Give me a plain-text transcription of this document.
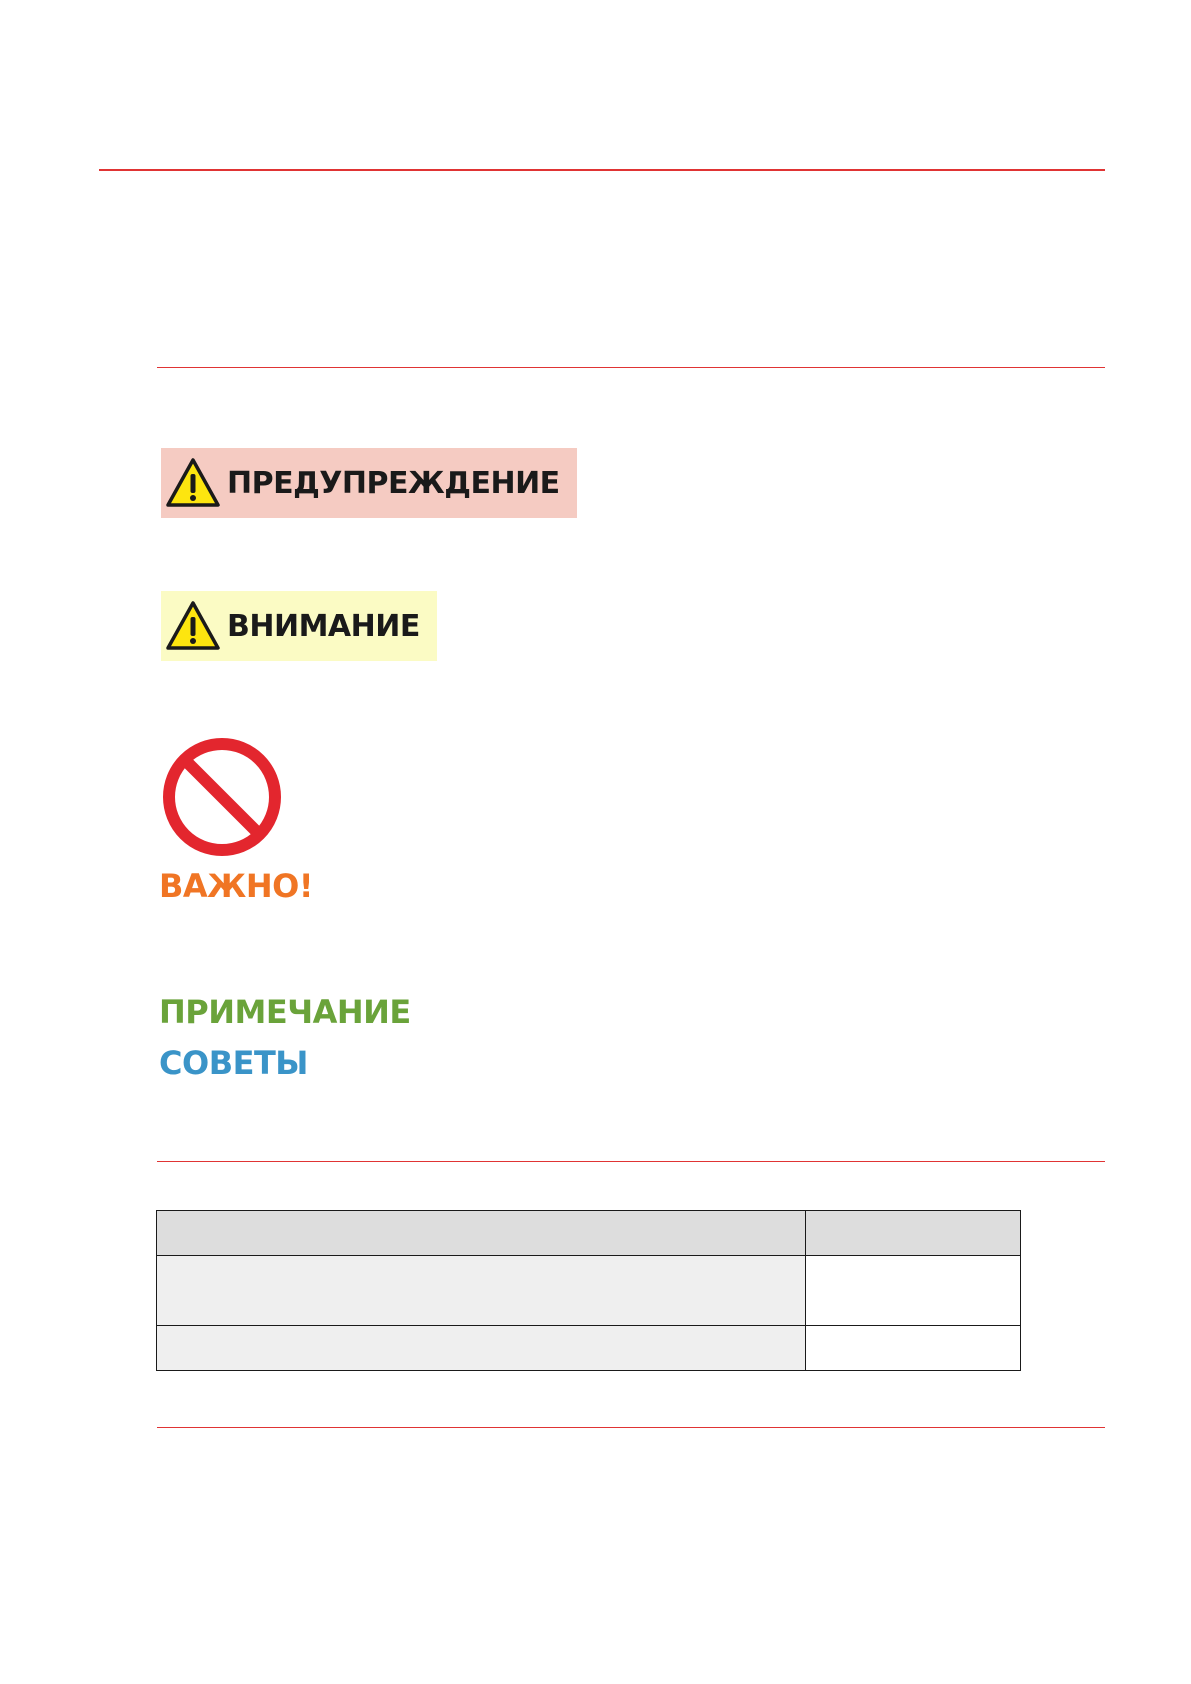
ПРЕДУПРЕЖДЕНИЕ
ВНИМАНИЕ
ВАЖНО!
ПРИМЕЧАНИЕ
СОВЕТЫ
